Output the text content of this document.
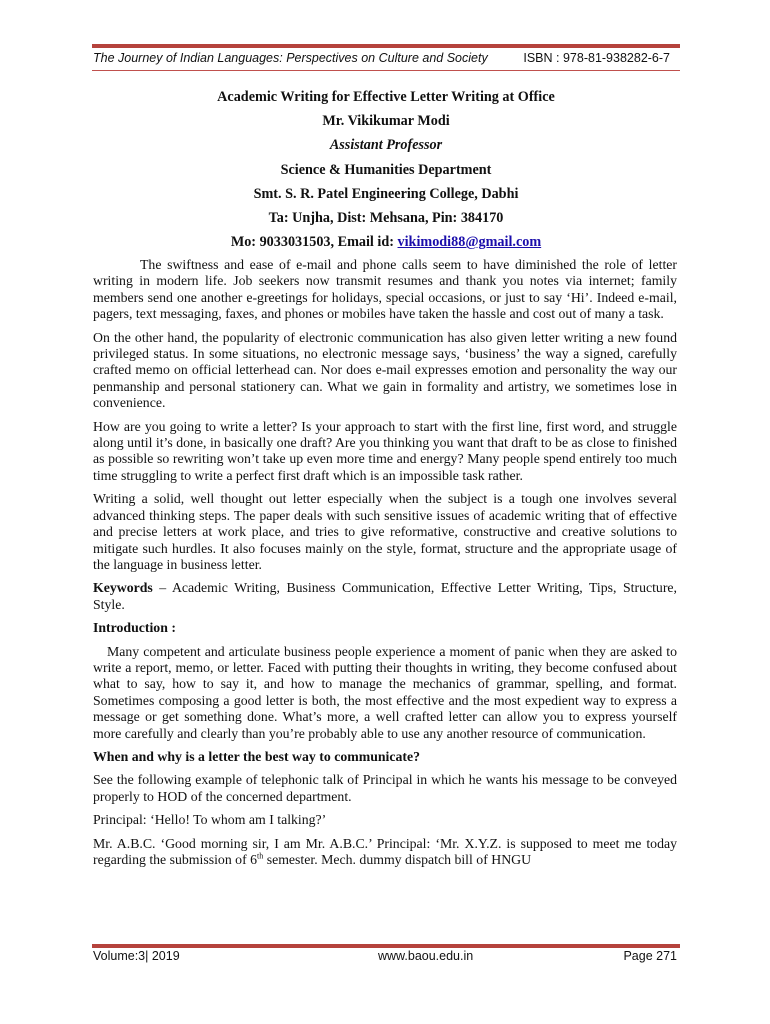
The Journey of Indian Languages: Perspectives on Culture and Society	ISBN : 978-81-938282-6-7
Academic Writing for Effective Letter Writing at Office
Mr. Vikikumar Modi
Assistant Professor
Science & Humanities Department
Smt. S. R. Patel Engineering College, Dabhi
Ta: Unjha, Dist: Mehsana, Pin: 384170
Mo: 9033031503, Email id: vikimodi88@gmail.com

The swiftness and ease of e-mail and phone calls seem to have diminished the role of letter writing in modern life. Job seekers now transmit resumes and thank you notes via internet; family members send one another e-greetings for holidays, special occasions, or just to say ‘Hi’. Indeed e-mail, pagers, text messaging, faxes, and phones or mobiles have taken the hassle and cost out of many a task.

On the other hand, the popularity of electronic communication has also given letter writing a new found privileged status. In some situations, no electronic message says, ‘business’ the way a signed, carefully crafted memo on official letterhead can. Nor does e-mail expresses emotion and personality the way our penmanship and personal stationery can. What we gain in formality and artistry, we sometimes lose in convenience.

How are you going to write a letter? Is your approach to start with the first line, first word, and struggle along until it’s done, in basically one draft? Are you thinking you want that draft to be as close to finished as possible so rewriting won’t take up even more time and energy? Many people spend entirely too much time struggling to write a perfect first draft which is an impossible task rather.

Writing a solid, well thought out letter especially when the subject is a tough one involves several advanced thinking steps. The paper deals with such sensitive issues of academic writing that of effective and precise letters at work place, and tries to give reformative, constructive and creative solutions to mitigate such hurdles. It also focuses mainly on the style, format, structure and the appropriate usage of the language in business letter.

Keywords – Academic Writing, Business Communication, Effective Letter Writing, Tips, Structure, Style.

Introduction :

Many competent and articulate business people experience a moment of panic when they are asked to write a report, memo, or letter. Faced with putting their thoughts in writing, they become confused about what to say, how to say it, and how to manage the mechanics of grammar, spelling, and format. Sometimes composing a good letter is both, the most effective and the most expedient way to express a message or get something done. What’s more, a well crafted letter can allow you to express yourself more carefully and clearly than you’re probably able to use any another resource of communication.

When and why is a letter the best way to communicate?

See the following example of telephonic talk of Principal in which he wants his message to be conveyed properly to HOD of the concerned department.

Principal: ‘Hello! To whom am I talking?’

Mr. A.B.C. ‘Good morning sir, I am Mr. A.B.C.’ Principal: ‘Mr. X.Y.Z. is supposed to meet me today regarding the submission of 6th semester. Mech. dummy dispatch bill of HNGU

Volume:3| 2019	www.baou.edu.in	Page 271
